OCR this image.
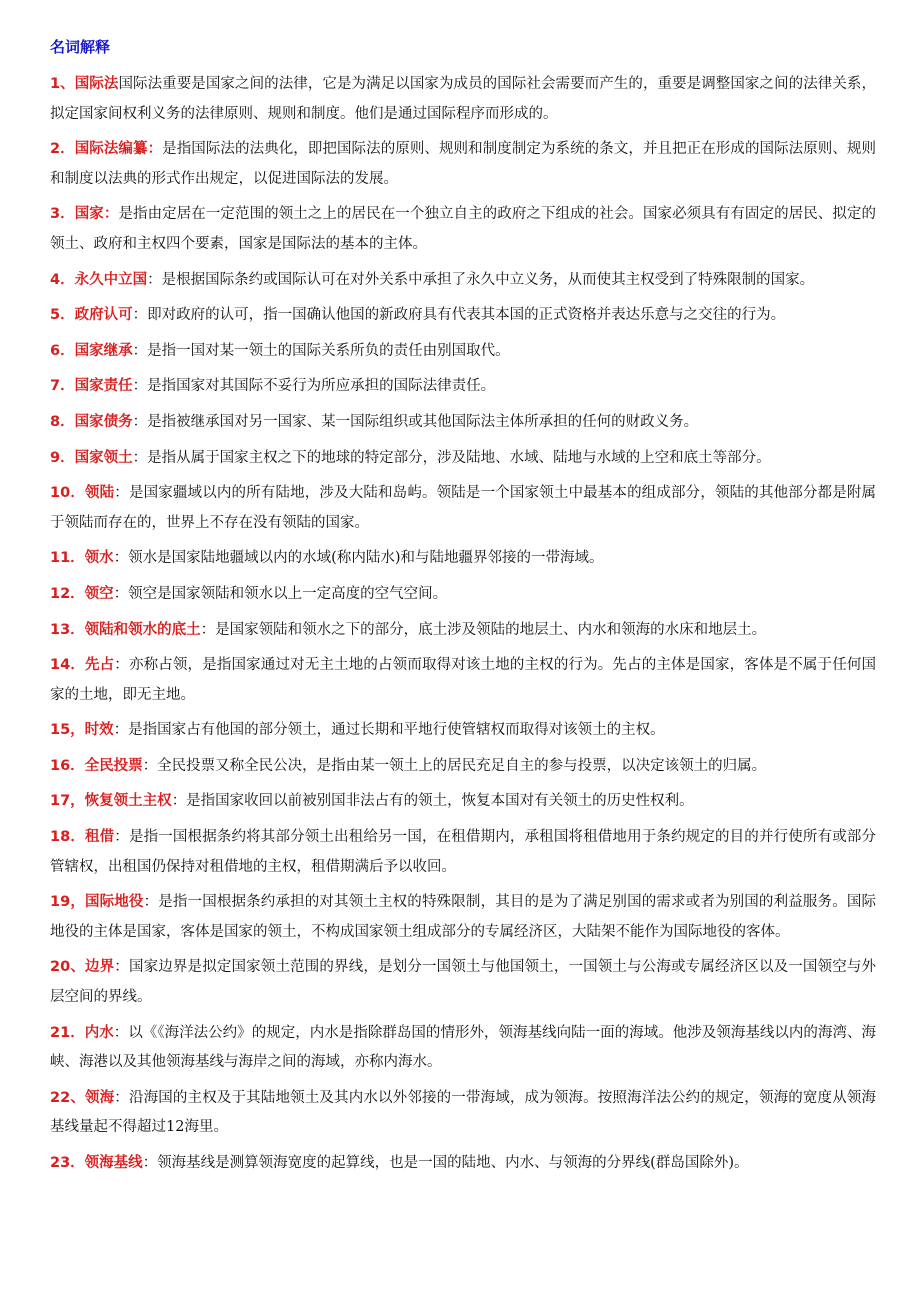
名词解释

1、国际法国际法重要是国家之间的法律，它是为满足以国家为成员的国际社会需要而产生的，重要是调整国家之间的法律关系，拟定国家间权利义务的法律原则、规则和制度。他们是通过国际程序而形成的。

2．国际法编纂：是指国际法的法典化，即把国际法的原则、规则和制度制定为系统的条文，并且把正在形成的国际法原则、规则和制度以法典的形式作出规定，以促进国际法的发展。

3．国家：是指由定居在一定范围的领土之上的居民在一个独立自主的政府之下组成的社会。国家必须具有有固定的居民、拟定的领土、政府和主权四个要素，国家是国际法的基本的主体。

4．永久中立国：是根据国际条约或国际认可在对外关系中承担了永久中立义务，从而使其主权受到了特殊限制的国家。

5．政府认可：即对政府的认可，指一国确认他国的新政府具有代表其本国的正式资格并表达乐意与之交往的行为。

6．国家继承：是指一国对某一领土的国际关系所负的责任由别国取代。

7．国家责任：是指国家对其国际不妥行为所应承担的国际法律责任。

8．国家债务：是指被继承国对另一国家、某一国际组织或其他国际法主体所承担的任何的财政义务。

9．国家领土：是指从属于国家主权之下的地球的特定部分，涉及陆地、水域、陆地与水域的上空和底土等部分。

10．领陆：是国家疆域以内的所有陆地，涉及大陆和岛屿。领陆是一个国家领土中最基本的组成部分，领陆的其他部分都是附属于领陆而存在的，世界上不存在没有领陆的国家。

11．领水：领水是国家陆地疆域以内的水域(称内陆水)和与陆地疆界邻接的一带海域。

12．领空：领空是国家领陆和领水以上一定高度的空气空间。

13．领陆和领水的底土：是国家领陆和领水之下的部分，底土涉及领陆的地层土、内水和领海的水床和地层土。

14．先占：亦称占领，是指国家通过对无主土地的占领而取得对该土地的主权的行为。先占的主体是国家，客体是不属于任何国家的土地，即无主地。

15，时效：是指国家占有他国的部分领土，通过长期和平地行使管辖权而取得对该领土的主权。

16．全民投票：全民投票又称全民公决，是指由某一领土上的居民充足自主的参与投票，以决定该领土的归属。

17，恢复领土主权：是指国家收回以前被别国非法占有的领土，恢复本国对有关领土的历史性权利。

18．租借：是指一国根据条约将其部分领土出租给另一国，在租借期内，承租国将租借地用于条约规定的目的并行使所有或部分管辖权，出租国仍保持对租借地的主权，租借期满后予以收回。

19，国际地役：是指一国根据条约承担的对其领土主权的特殊限制，其目的是为了满足别国的需求或者为别国的利益服务。国际地役的主体是国家，客体是国家的领土，不构成国家领土组成部分的专属经济区，大陆架不能作为国际地役的客体。

20、边界：国家边界是拟定国家领土范围的界线，是划分一国领土与他国领土，一国领土与公海或专属经济区以及一国领空与外层空间的界线。

21．内水：以《《海洋法公约》的规定，内水是指除群岛国的情形外，领海基线向陆一面的海域。他涉及领海基线以内的海湾、海峡、海港以及其他领海基线与海岸之间的海域，亦称内海水。

22、领海：沿海国的主权及于其陆地领土及其内水以外邻接的一带海域，成为领海。按照海洋法公约的规定，领海的宽度从领海基线量起不得超过12海里。

23．领海基线：领海基线是测算领海宽度的起算线，也是一国的陆地、内水、与领海的分界线(群岛国除外)。
